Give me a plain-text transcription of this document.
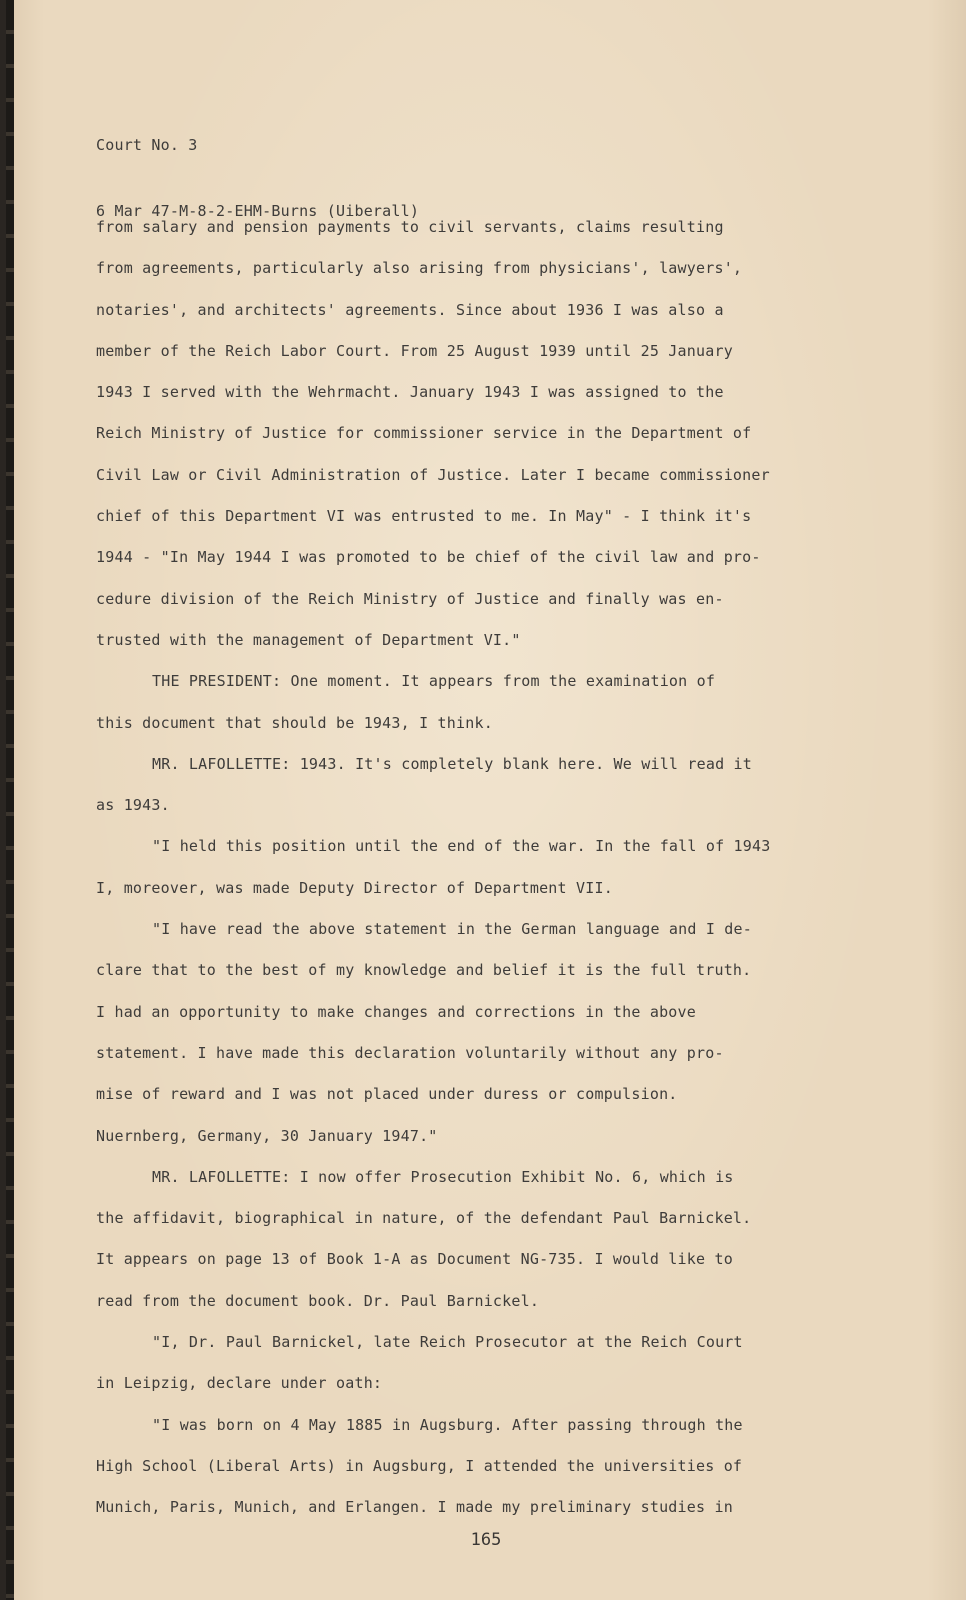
Court No. 3

6 Mar 47-M-8-2-EHM-Burns (Uiberall)

from salary and pension payments to civil servants, claims resulting
from agreements, particularly also arising from physicians', lawyers',
notaries', and architects' agreements. Since about 1936 I was also a
member of the Reich Labor Court. From 25 August 1939 until 25 January
1943 I served with the Wehrmacht. January 1943 I was assigned to the
Reich Ministry of Justice for commissioner service in the Department of
Civil Law or Civil Administration of Justice. Later I became commissioner
chief of this Department VI was entrusted to me. In May" - I think it's
1944 - "In May 1944 I was promoted to be chief of the civil law and pro-
cedure division of the Reich Ministry of Justice and finally was en-
trusted with the management of Department VI."
THE PRESIDENT: One moment. It appears from the examination of
this document that should be 1943, I think.
MR. LAFOLLETTE: 1943. It's completely blank here. We will read it
as 1943.
"I held this position until the end of the war. In the fall of 1943
I, moreover, was made Deputy Director of Department VII.
"I have read the above statement in the German language and I de-
clare that to the best of my knowledge and belief it is the full truth.
I had an opportunity to make changes and corrections in the above
statement. I have made this declaration voluntarily without any pro-
mise of reward and I was not placed under duress or compulsion.
Nuernberg, Germany, 30 January 1947."
MR. LAFOLLETTE: I now offer Prosecution Exhibit No. 6, which is
the affidavit, biographical in nature, of the defendant Paul Barnickel.
It appears on page 13 of Book 1-A as Document NG-735. I would like to
read from the document book. Dr. Paul Barnickel.
"I, Dr. Paul Barnickel, late Reich Prosecutor at the Reich Court
in Leipzig, declare under oath:
"I was born on 4 May 1885 in Augsburg. After passing through the
High School (Liberal Arts) in Augsburg, I attended the universities of
Munich, Paris, Munich, and Erlangen. I made my preliminary studies in
165
